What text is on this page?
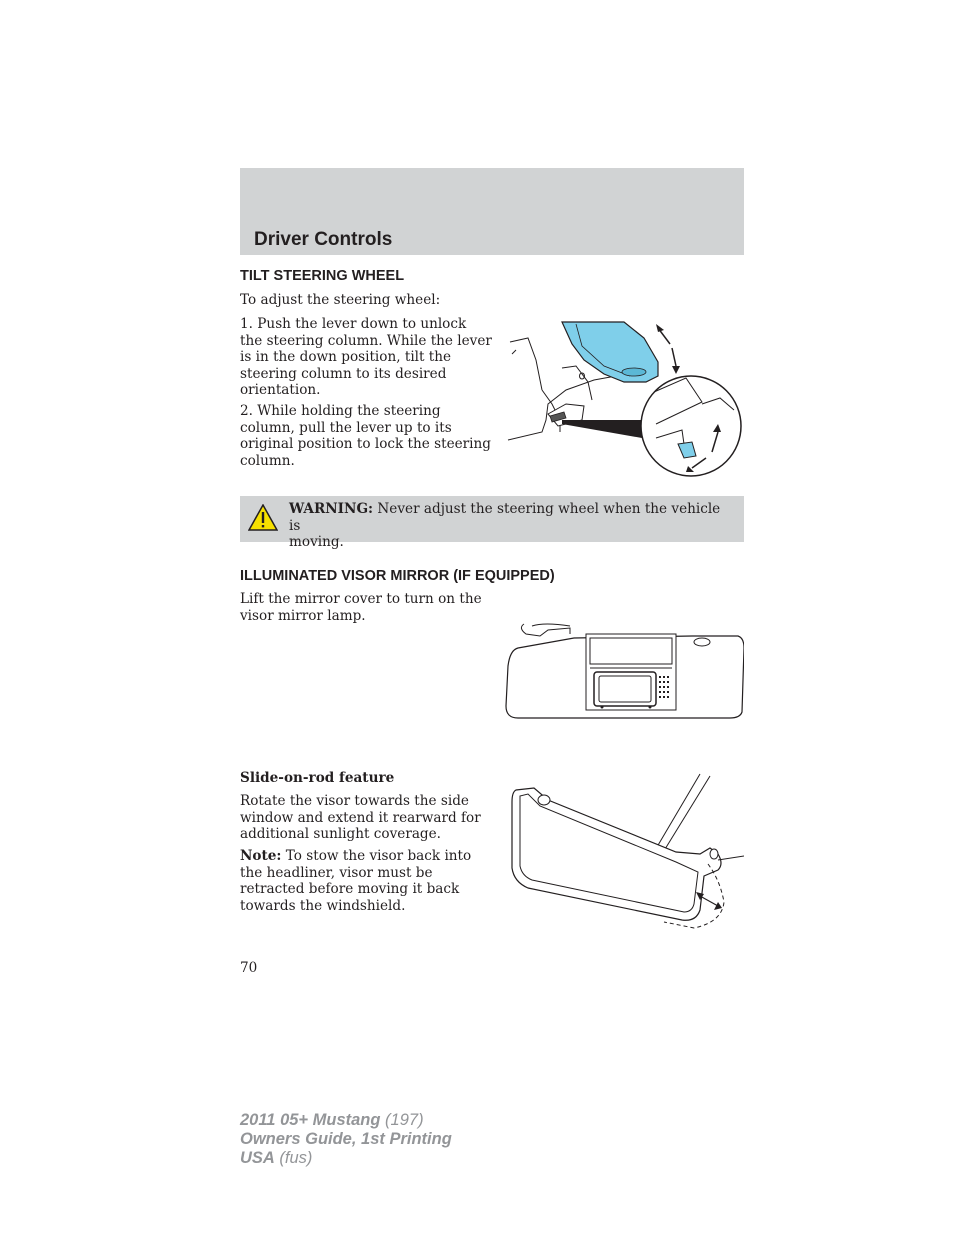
Driver Controls
TILT STEERING WHEEL
To adjust the steering wheel:
1. Push the lever down to unlock
the steering column. While the lever
is in the down position, tilt the
steering column to its desired
orientation.
2. While holding the steering
column, pull the lever up to its
original position to lock the steering
column.
WARNING: Never adjust the steering wheel when the vehicle is
moving.
ILLUMINATED VISOR MIRROR (IF EQUIPPED)
Lift the mirror cover to turn on the
visor mirror lamp.
Slide-on-rod feature
Rotate the visor towards the side
window and extend it rearward for
additional sunlight coverage.
Note: To stow the visor back into
the headliner, visor must be
retracted before moving it back
towards the windshield.
70
2011 05+ Mustang (197)
Owners Guide, 1st Printing
USA (fus)
